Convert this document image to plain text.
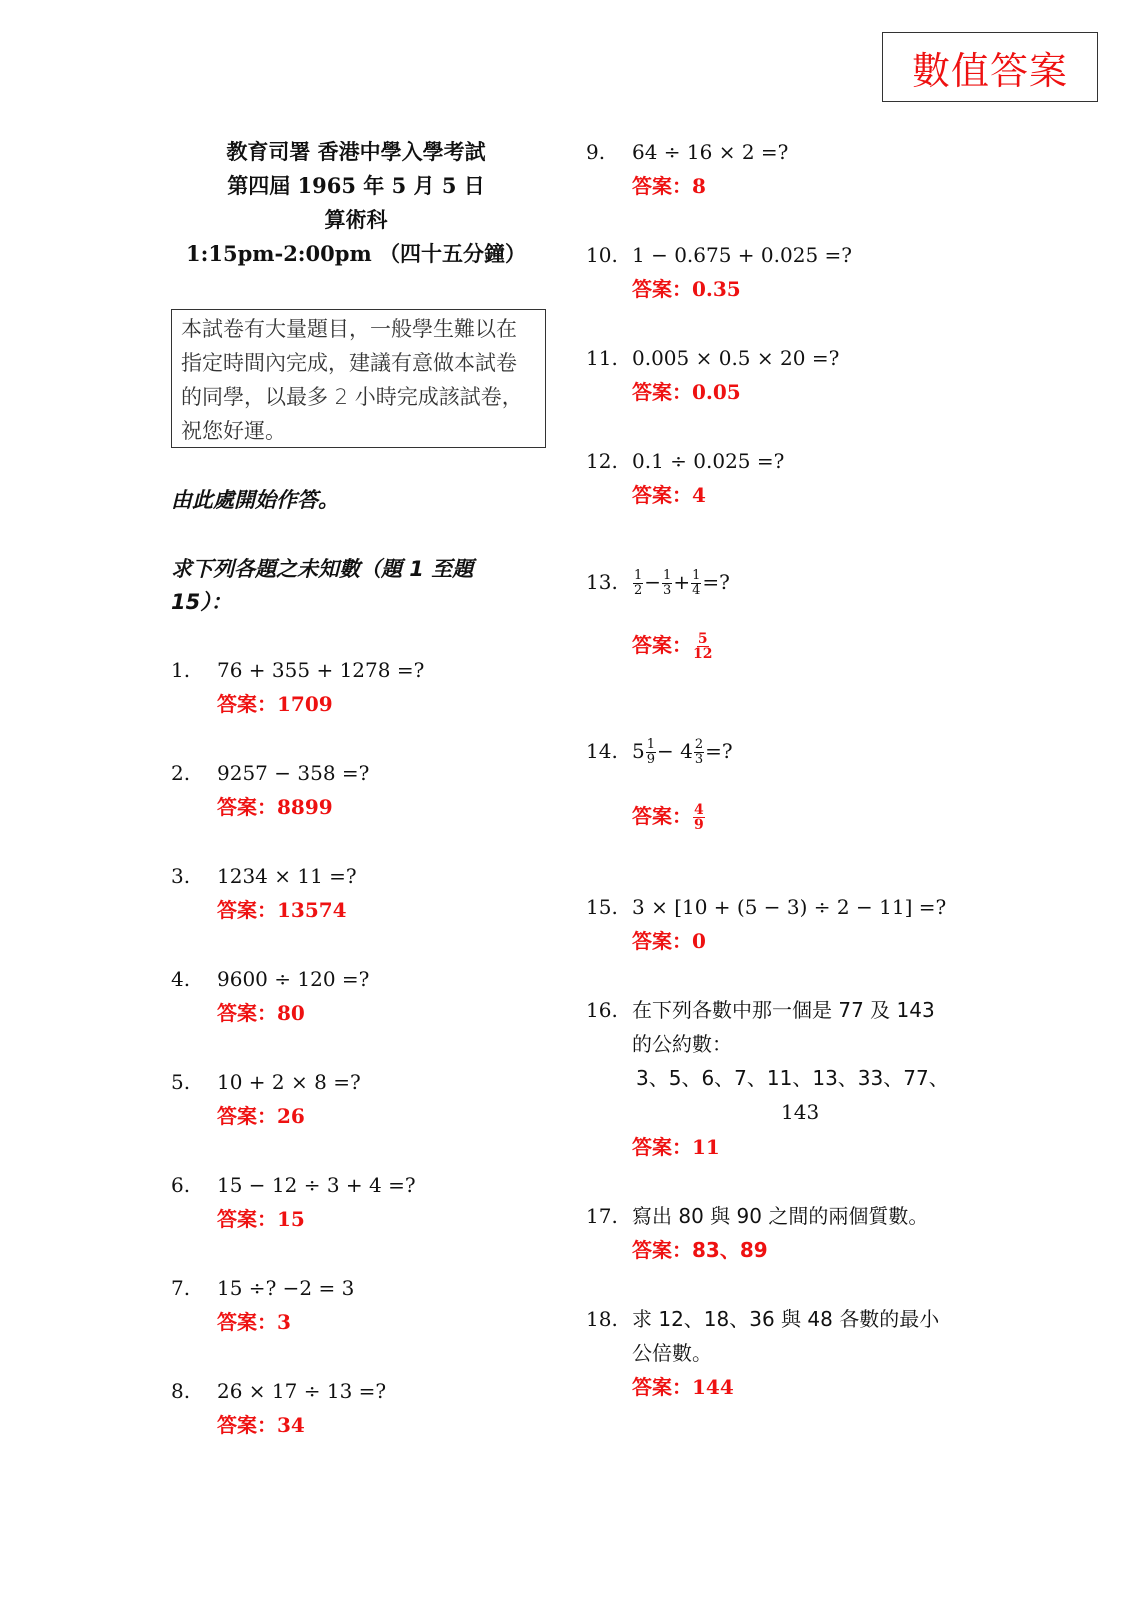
數值答案
教育司署 香港中學入學考試
第四屆 1965 年 5 月 5 日
算術科
1:15pm-2:00pm （四十五分鐘）
本試卷有大量題目，一般學生難以在指定時間內完成，建議有意做本試卷的同學，以最多 2 小時完成該試卷，祝您好運。
由此處開始作答。
求下列各題之未知數（題 1 至題 15）：
1. 76 + 355 + 1278 =?
答案：1709
2. 9257 − 358 =?
答案：8899
3. 1234 × 11 =?
答案：13574
4. 9600 ÷ 120 =?
答案：80
5. 10 + 2 × 8 =?
答案：26
6. 15 − 12 ÷ 3 + 4 =?
答案：15
7. 15 ÷? −2 = 3
答案：3
8. 26 × 17 ÷ 13 =?
答案：34
9. 64 ÷ 16 × 2 =?
答案：8
10. 1 − 0.675 + 0.025 =?
答案：0.35
11. 0.005 × 0.5 × 20 =?
答案：0.05
12. 0.1 ÷ 0.025 =?
答案：4
13. $\frac{1}{2} - \frac{1}{3} + \frac{1}{4}$ =?
答案： $\frac{5}{12}$
14. $5 \frac{1}{9} - 4 \frac{2}{3}$ =?
答案： $\frac{4}{9}$
15. 3 × [10 + (5 − 3) ÷ 2 − 11] =?
答案：0
16. 在下列各數中那一個是 77 及 143
的公約數：
3、5、6、7、11、13、33、77、
143
答案：11
17. 寫出 80 與 90 之間的兩個質數。
答案：83、89
18. 求 12、18、36 與 48 各數的最小
公倍數。
答案：144
